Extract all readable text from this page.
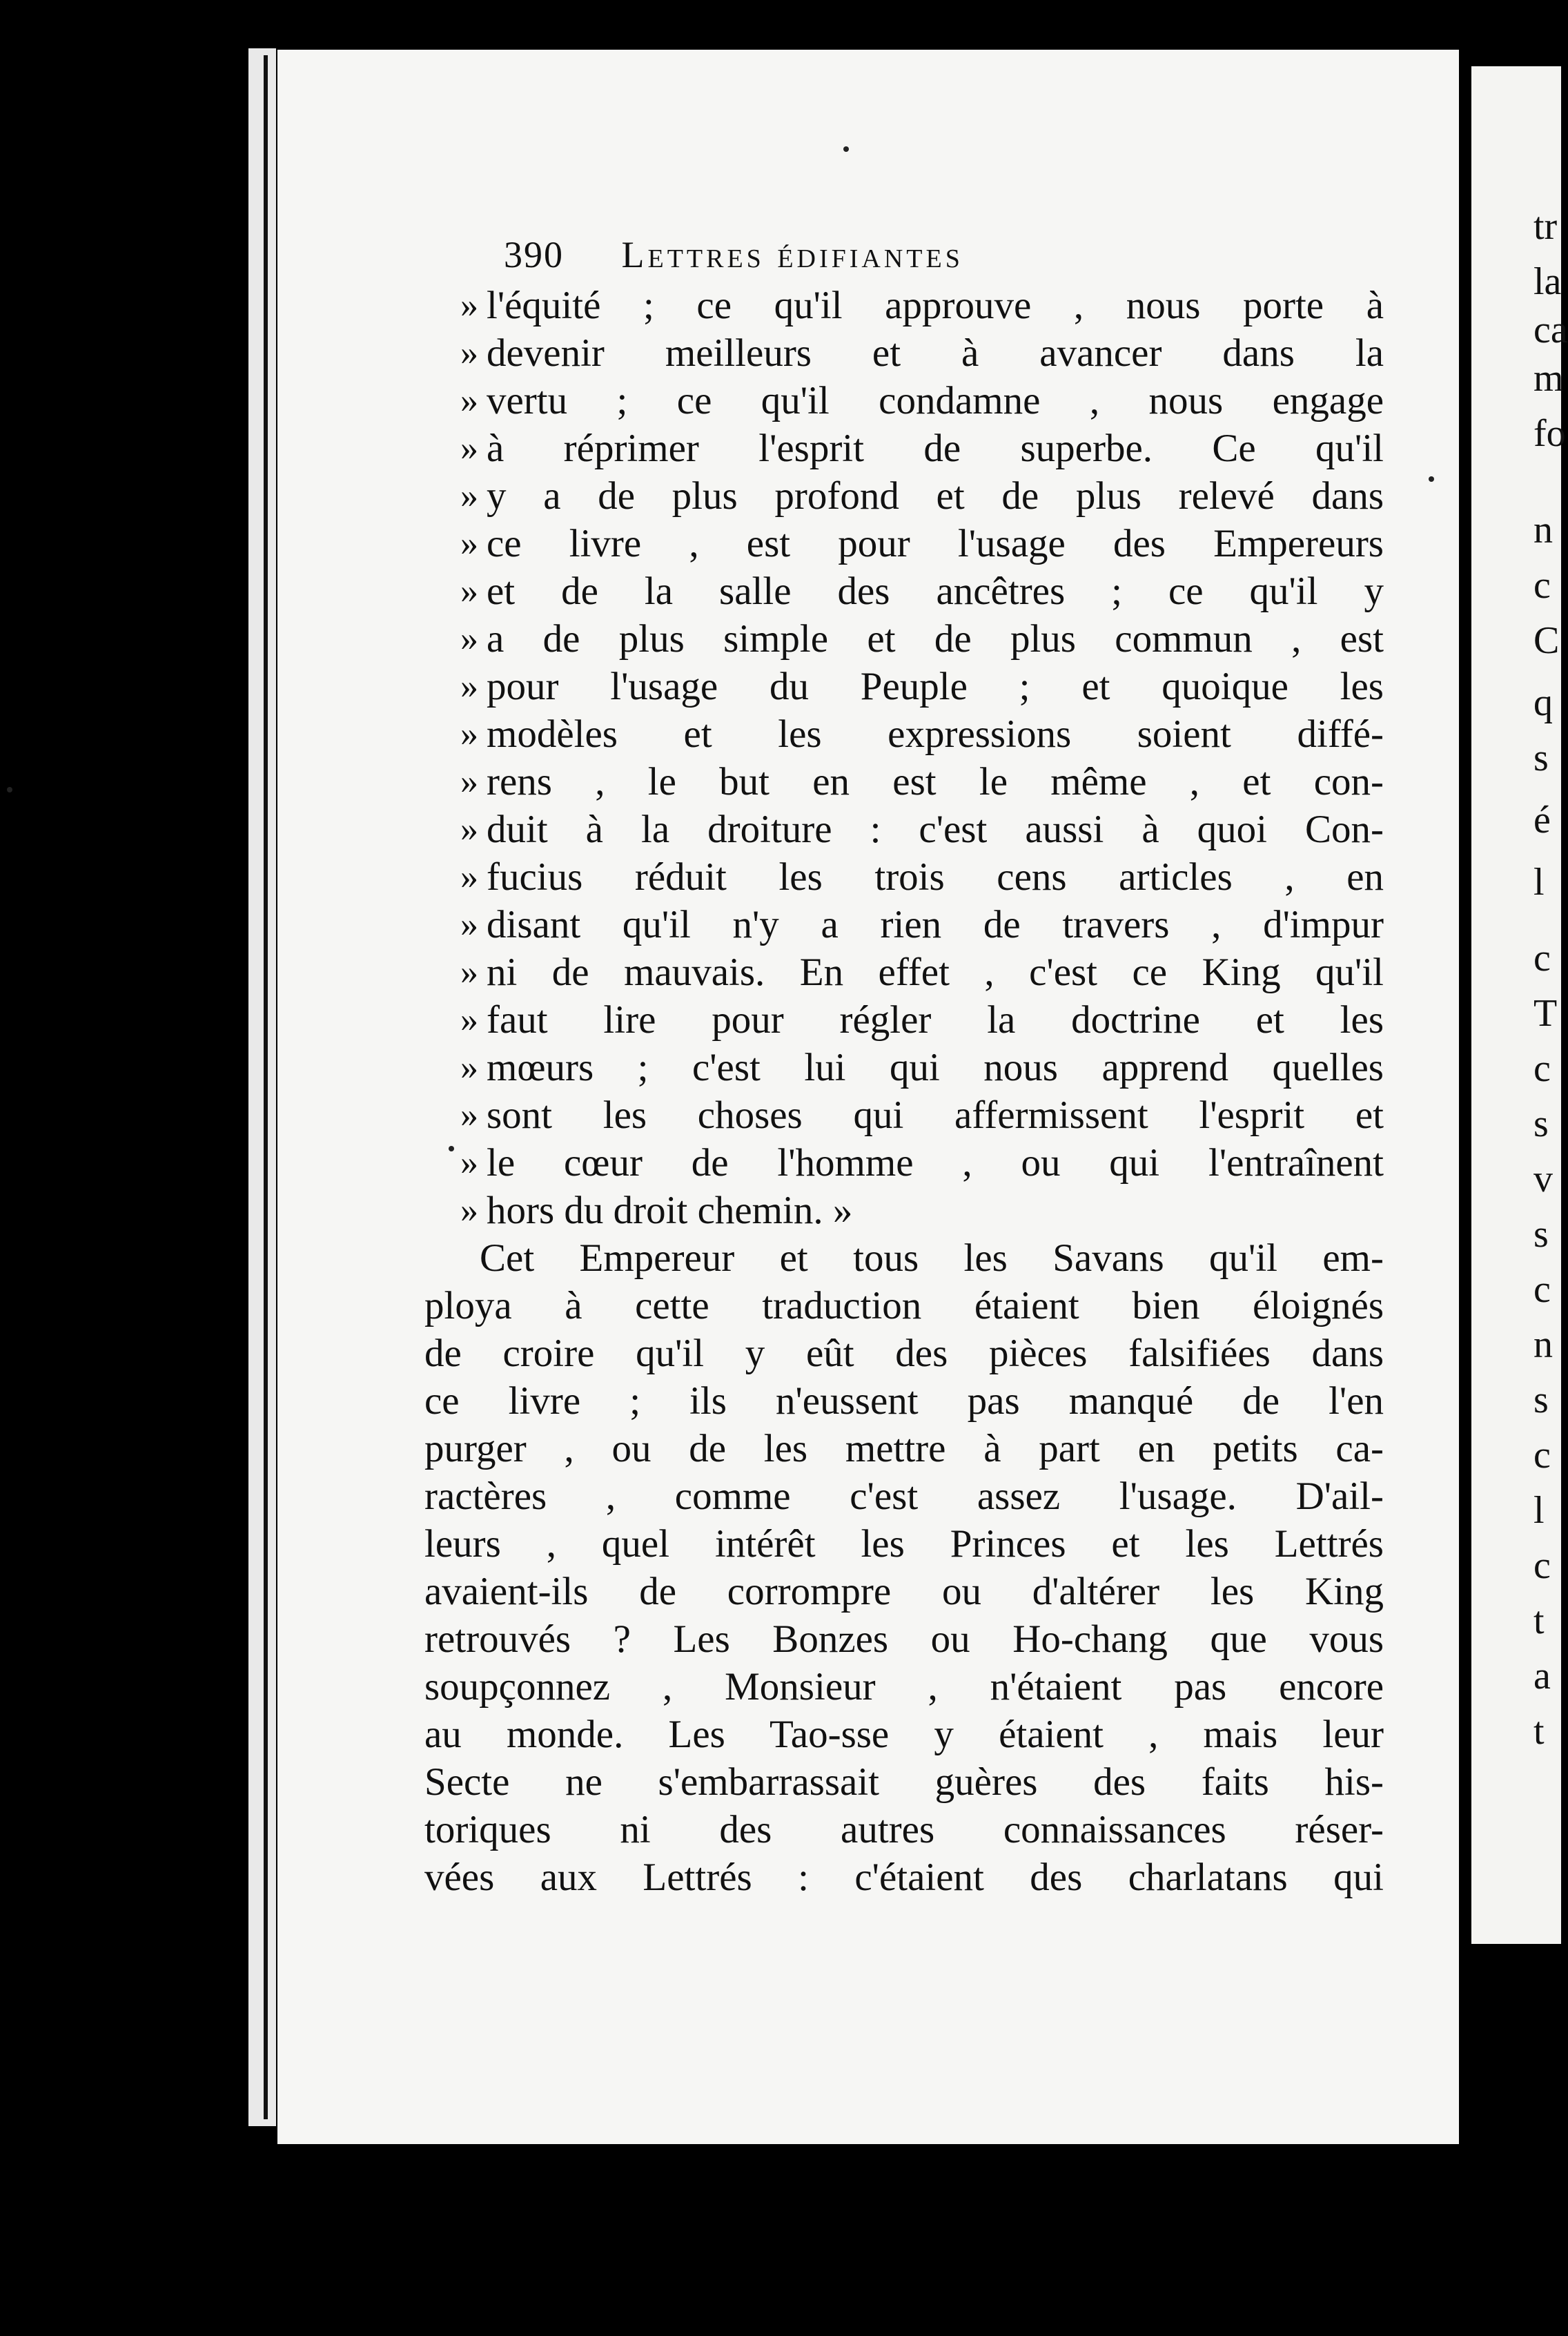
tr
la
ca
m
fo
n
c
C
q
s
é
l
c
T
c
s
v
s
c
n
s
c
l
c
t
a
t
390 Lettres édifiantes
» l'équité ; ce qu'il approuve , nous porte à
» devenir meilleurs et à avancer dans la
» vertu ; ce qu'il condamne , nous engage
» à réprimer l'esprit de superbe. Ce qu'il
» y a de plus profond et de plus relevé dans
» ce livre , est pour l'usage des Empereurs
» et de la salle des ancêtres ; ce qu'il y
» a de plus simple et de plus commun , est
» pour l'usage du Peuple ; et quoique les
» modèles et les expressions soient diffé-
» rens , le but en est le même , et con-
» duit à la droiture : c'est aussi à quoi Con-
» fucius réduit les trois cens articles , en
» disant qu'il n'y a rien de travers , d'impur
» ni de mauvais. En effet , c'est ce King qu'il
» faut lire pour régler la doctrine et les
» mœurs ; c'est lui qui nous apprend quelles
» sont les choses qui affermissent l'esprit et
» le cœur de l'homme , ou qui l'entraînent
» hors du droit chemin. »
Cet Empereur et tous les Savans qu'il em-
ploya à cette traduction étaient bien éloignés
de croire qu'il y eût des pièces falsifiées dans
ce livre ; ils n'eussent pas manqué de l'en
purger , ou de les mettre à part en petits ca-
ractères , comme c'est assez l'usage. D'ail-
leurs , quel intérêt les Princes et les Lettrés
avaient-ils de corrompre ou d'altérer les King
retrouvés ? Les Bonzes ou Ho-chang que vous
soupçonnez , Monsieur , n'étaient pas encore
au monde. Les Tao-sse y étaient , mais leur
Secte ne s'embarrassait guères des faits his-
toriques ni des autres connaissances réser-
vées aux Lettrés : c'étaient des charlatans qui
